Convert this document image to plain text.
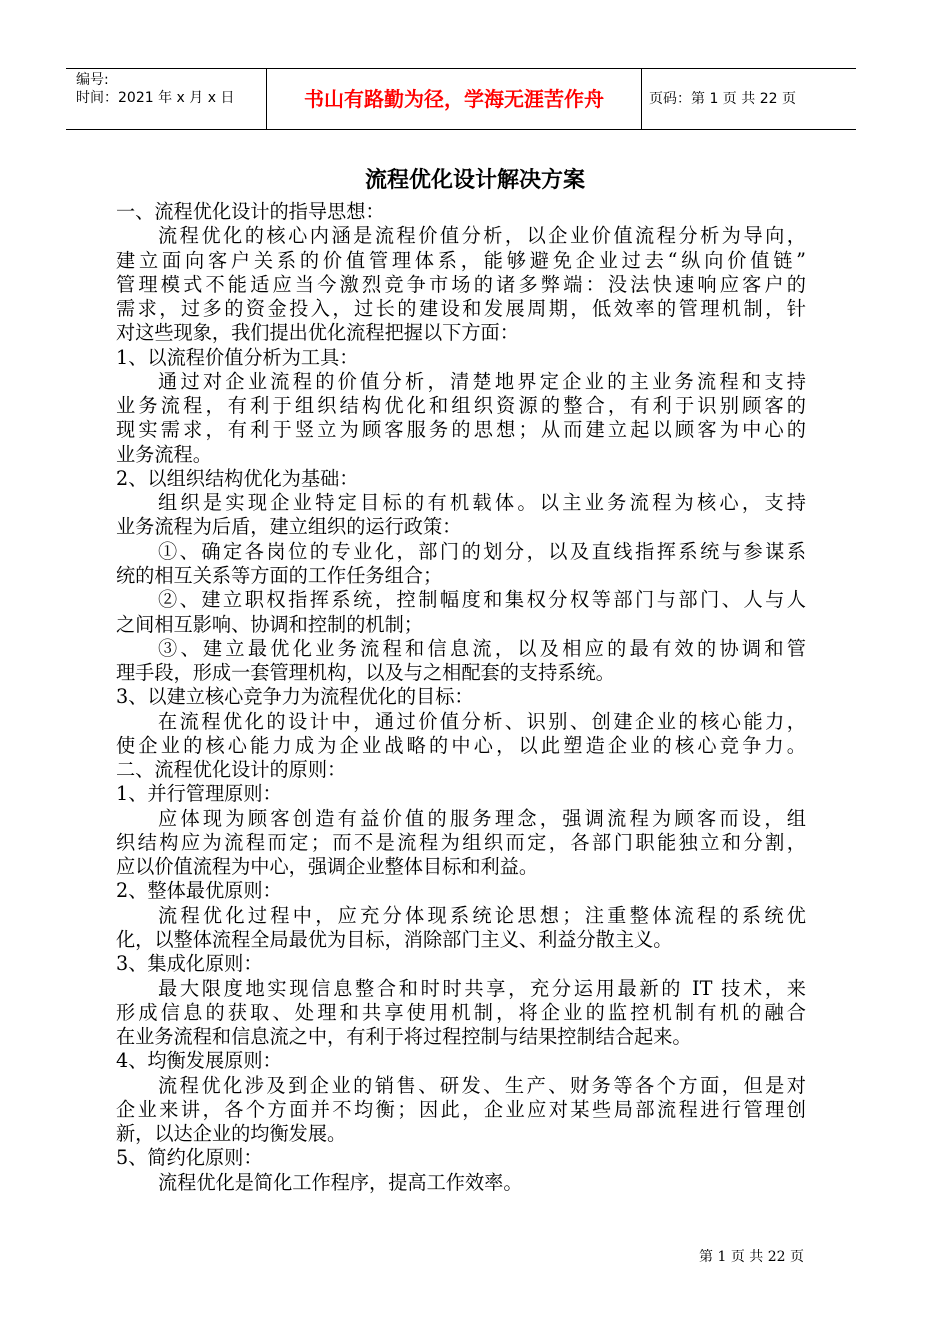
编号:
时间：2021 年 x 月 x 日	书山有路勤为径，学海无涯苦作舟	页码：第 1 页 共 22 页
流程优化设计解决方案
一、流程优化设计的指导思想：
流程优化的核心内涵是流程价值分析，以企业价值流程分析为导向，
建立面向客户关系的价值管理体系，能够避免企业过去“纵向价值链”
管理模式不能适应当今激烈竞争市场的诸多弊端：没法快速响应客户的
需求，过多的资金投入，过长的建设和发展周期，低效率的管理机制，针
对这些现象，我们提出优化流程把握以下方面：
1、以流程价值分析为工具：
通过对企业流程的价值分析，清楚地界定企业的主业务流程和支持
业务流程，有利于组织结构优化和组织资源的整合，有利于识别顾客的
现实需求，有利于竖立为顾客服务的思想；从而建立起以顾客为中心的
业务流程。
2、以组织结构优化为基础：
组织是实现企业特定目标的有机载体。以主业务流程为核心，支持
业务流程为后盾，建立组织的运行政策：
①、确定各岗位的专业化，部门的划分，以及直线指挥系统与参谋系
统的相互关系等方面的工作任务组合；
②、建立职权指挥系统，控制幅度和集权分权等部门与部门、人与人
之间相互影响、协调和控制的机制；
③、建立最优化业务流程和信息流，以及相应的最有效的协调和管
理手段，形成一套管理机构，以及与之相配套的支持系统。
3、以建立核心竞争力为流程优化的目标：
在流程优化的设计中，通过价值分析、识别、创建企业的核心能力，
使企业的核心能力成为企业战略的中心，以此塑造企业的核心竞争力。
二、流程优化设计的原则：
1、并行管理原则：
应体现为顾客创造有益价值的服务理念，强调流程为顾客而设，组
织结构应为流程而定；而不是流程为组织而定，各部门职能独立和分割，
应以价值流程为中心，强调企业整体目标和利益。
2、整体最优原则：
流程优化过程中，应充分体现系统论思想；注重整体流程的系统优
化，以整体流程全局最优为目标，消除部门主义、利益分散主义。
3、集成化原则：
最大限度地实现信息整合和时时共享，充分运用最新的 IT 技术，来
形成信息的获取、处理和共享使用机制，将企业的监控机制有机的融合
在业务流程和信息流之中，有利于将过程控制与结果控制结合起来。
4、均衡发展原则：
流程优化涉及到企业的销售、研发、生产、财务等各个方面，但是对
企业来讲，各个方面并不均衡；因此，企业应对某些局部流程进行管理创
新，以达企业的均衡发展。
5、简约化原则：
流程优化是简化工作程序，提高工作效率。
第 1 页 共 22 页
